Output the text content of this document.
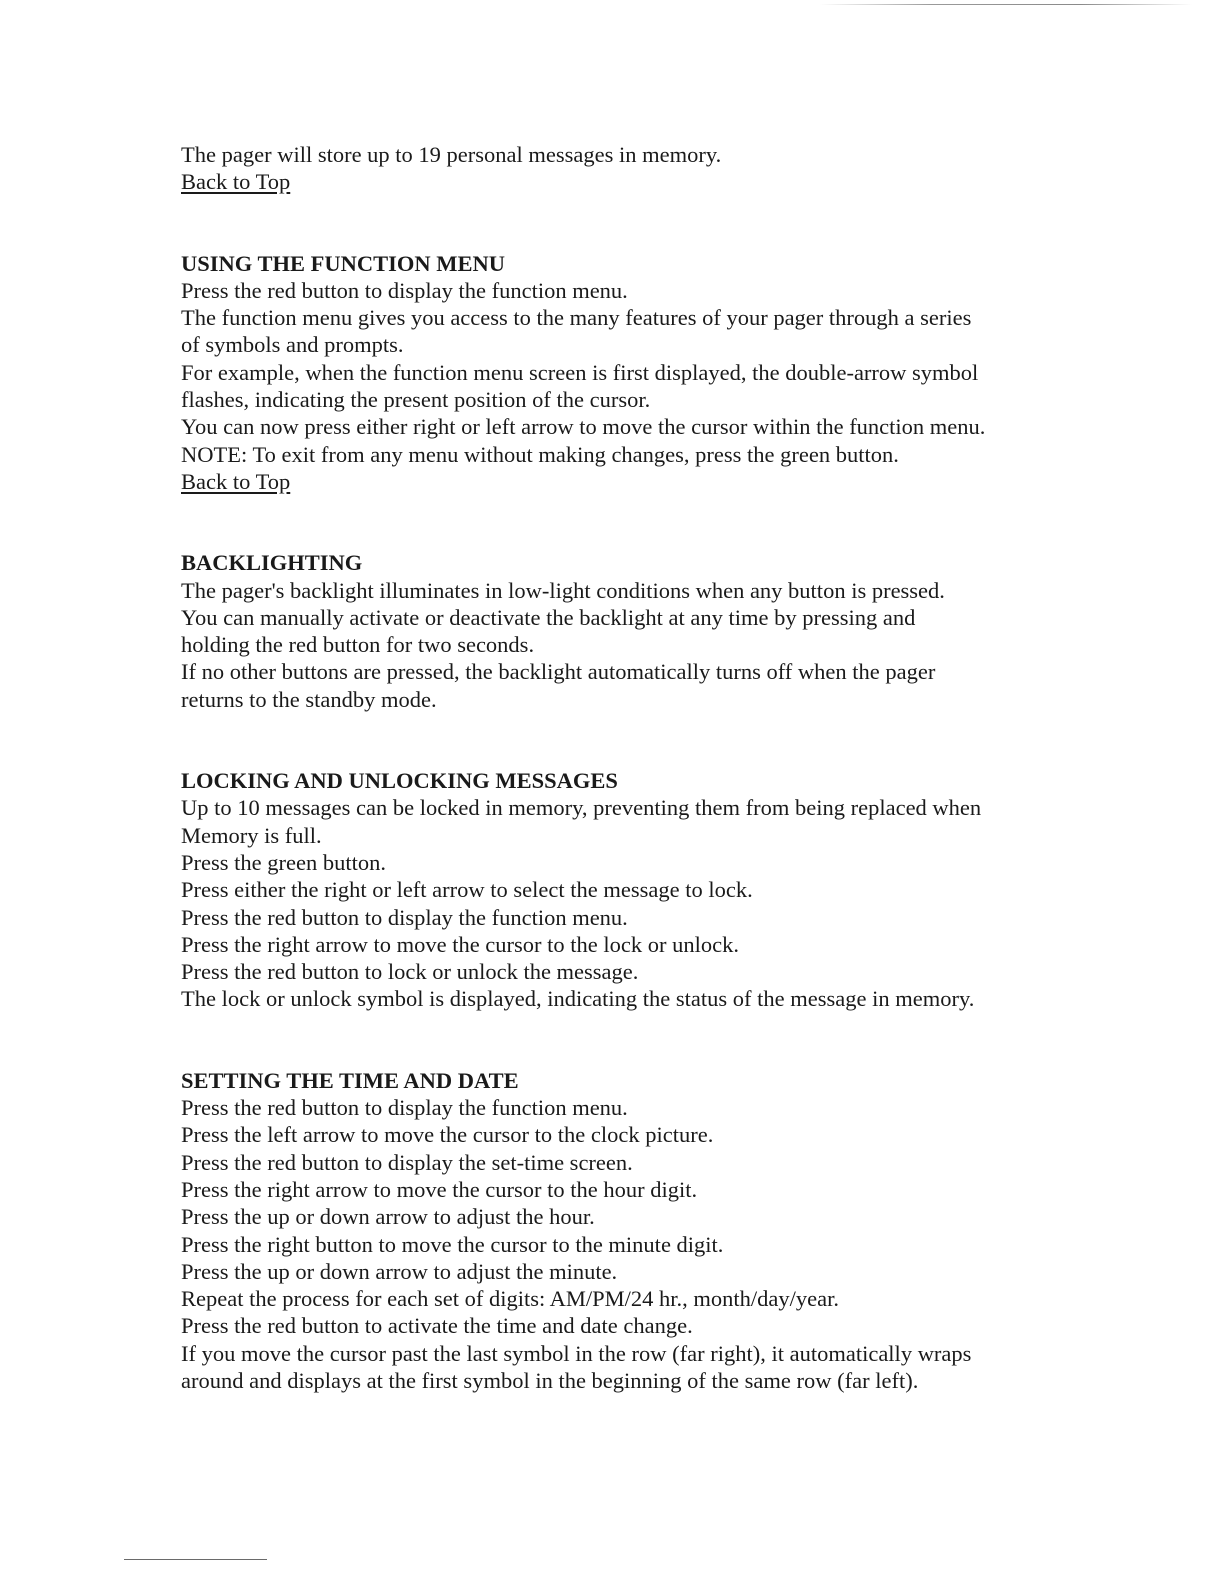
The pager will store up to 19 personal messages in memory.
Back to Top
USING THE FUNCTION MENU
Press the red button to display the function menu.
The function menu gives you access to the many features of your pager through a series
of symbols and prompts.
For example, when the function menu screen is first displayed, the double-arrow symbol
flashes, indicating the present position of the cursor.
You can now press either right or left arrow to move the cursor within the function menu.
NOTE: To exit from any menu without making changes, press the green button.
Back to Top
BACKLIGHTING
The pager's backlight illuminates in low-light conditions when any button is pressed.
You can manually activate or deactivate the backlight at any time by pressing and
holding the red button for two seconds.
If no other buttons are pressed, the backlight automatically turns off when the pager
returns to the standby mode.
LOCKING AND UNLOCKING MESSAGES
Up to 10 messages can be locked in memory, preventing them from being replaced when
Memory is full.
Press the green button.
Press either the right or left arrow to select the message to lock.
Press the red button to display the function menu.
Press the right arrow to move the cursor to the lock or unlock.
Press the red button to lock or unlock the message.
The lock or unlock symbol is displayed, indicating the status of the message in memory.
SETTING THE TIME AND DATE
Press the red button to display the function menu.
Press the left arrow to move the cursor to the clock picture.
Press the red button to display the set-time screen.
Press the right arrow to move the cursor to the hour digit.
Press the up or down arrow to adjust the hour.
Press the right button to move the cursor to the minute digit.
Press the up or down arrow to adjust the minute.
Repeat the process for each set of digits: AM/PM/24 hr., month/day/year.
Press the red button to activate the time and date change.
If you move the cursor past the last symbol in the row (far right), it automatically wraps
around and displays at the first symbol in the beginning of the same row (far left).
